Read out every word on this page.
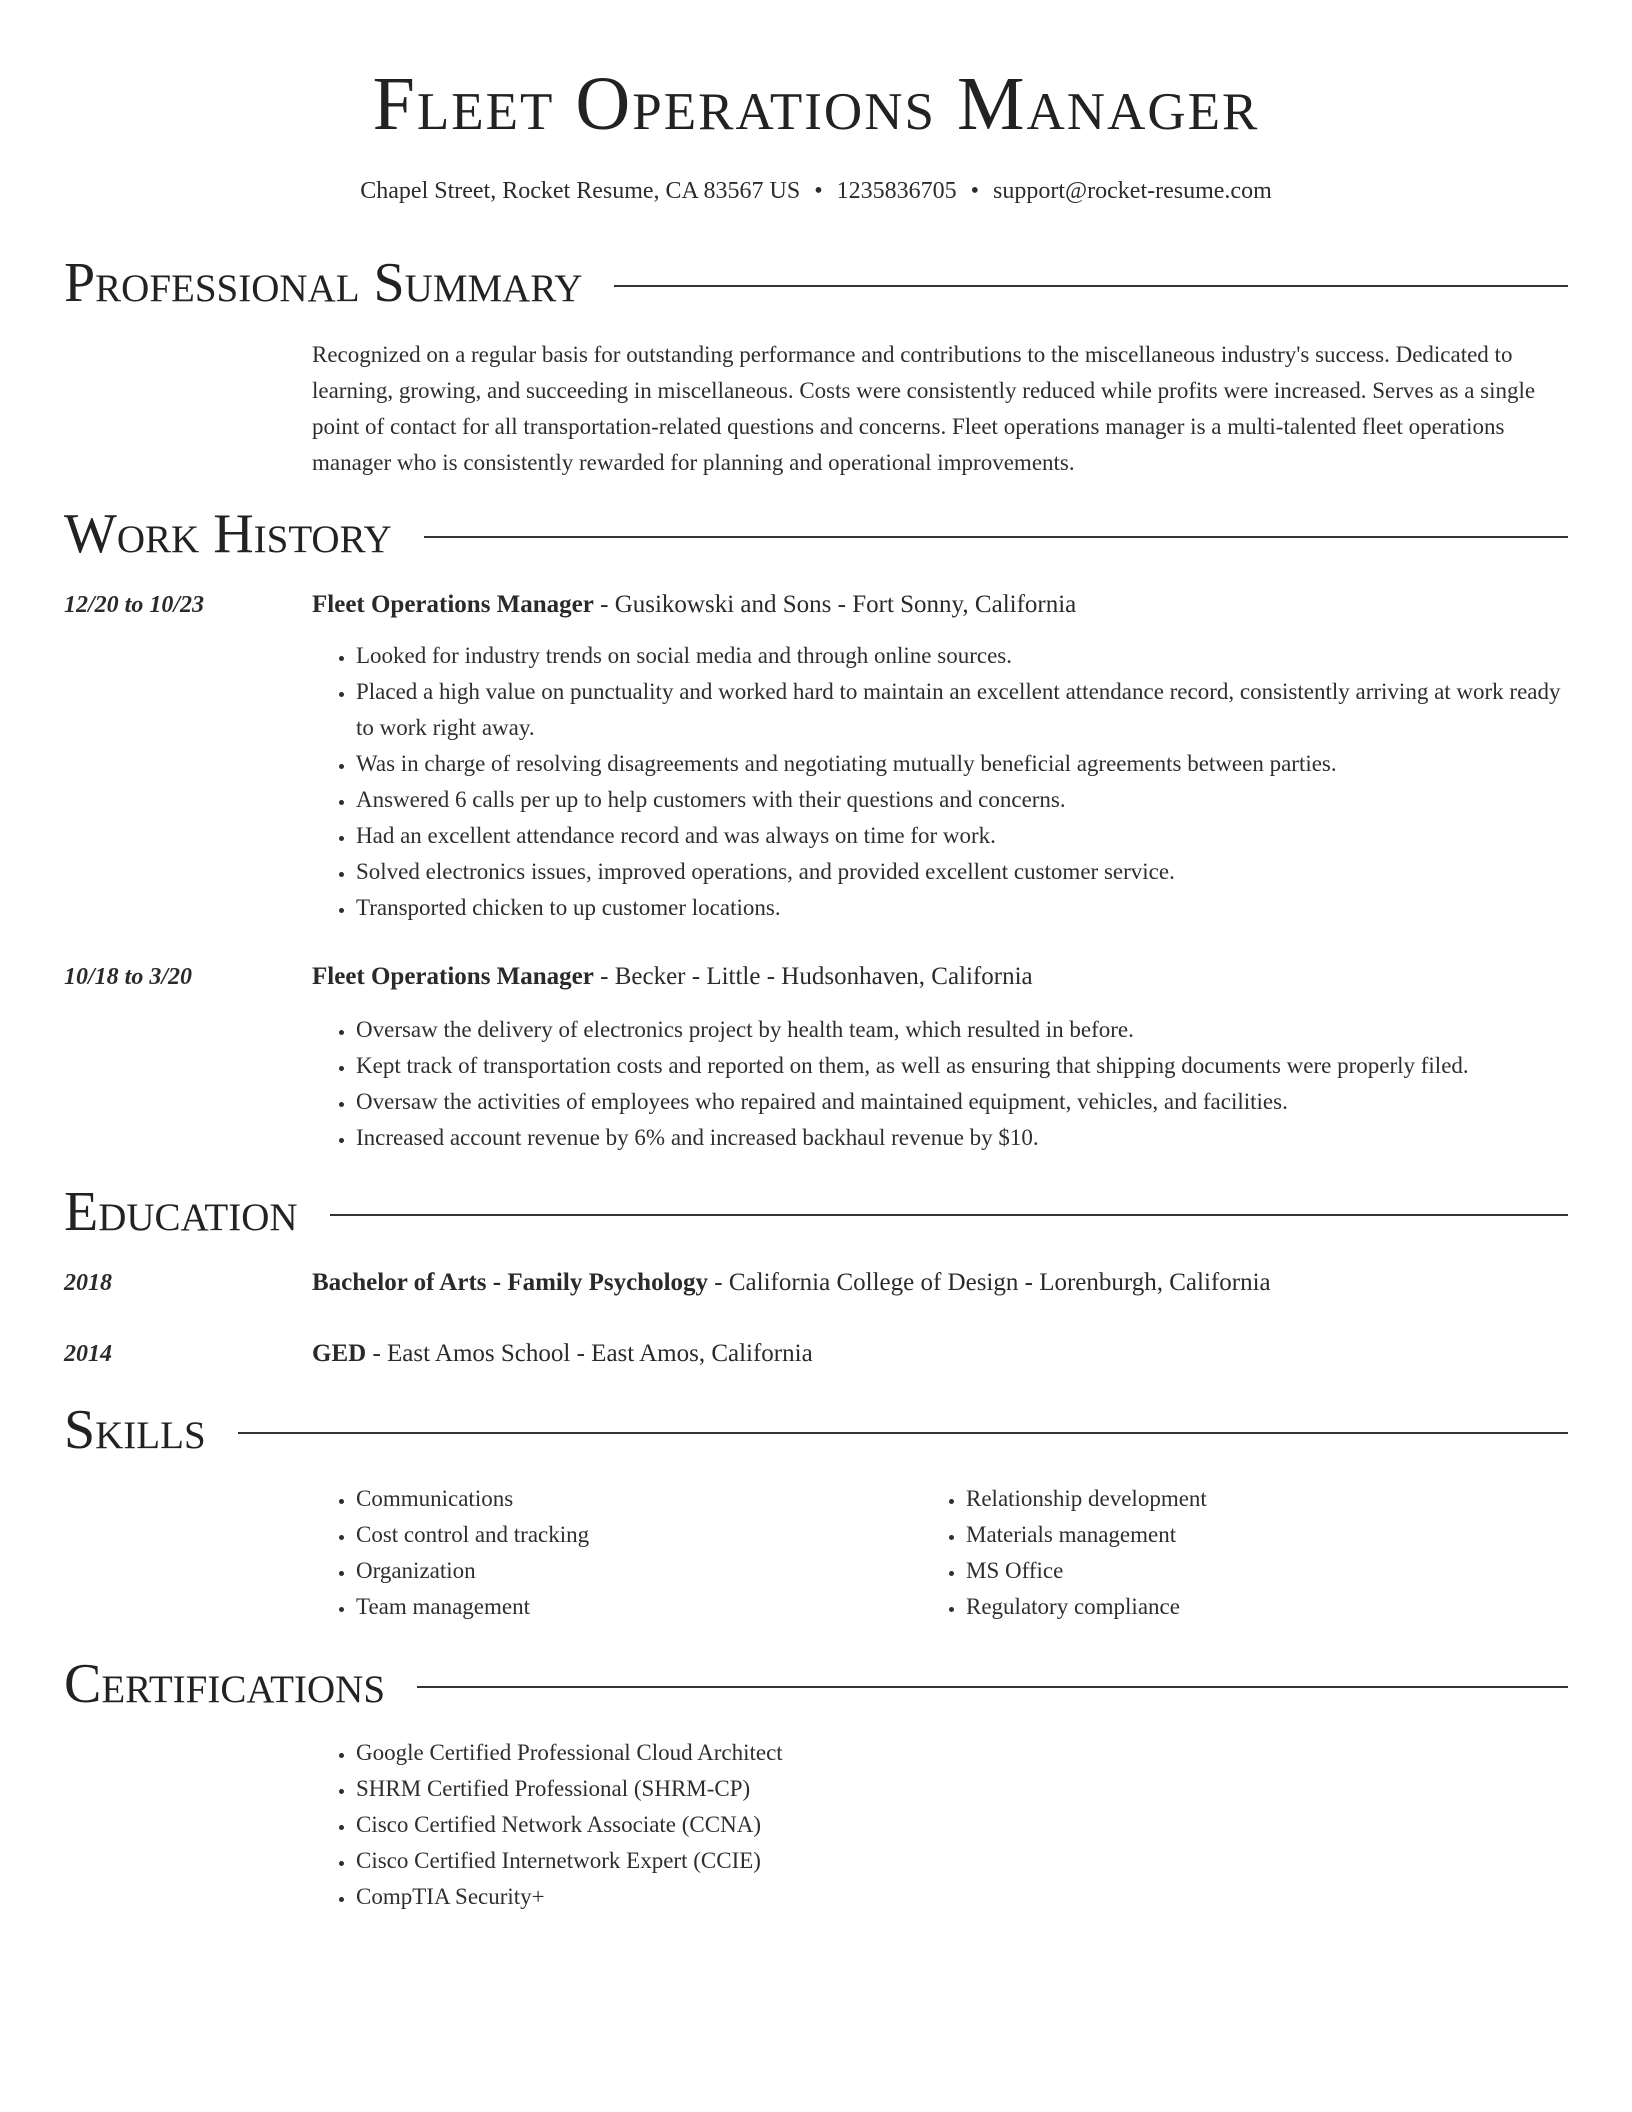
Fleet Operations Manager
Chapel Street, Rocket Resume, CA 83567 US • 1235836705 • support@rocket-resume.com
Professional Summary

Recognized on a regular basis for outstanding performance and contributions to the miscellaneous industry's success. Dedicated to learning, growing, and succeeding in miscellaneous. Costs were consistently reduced while profits were increased. Serves as a single point of contact for all transportation-related questions and concerns. Fleet operations manager is a multi-talented fleet operations manager who is consistently rewarded for planning and operational improvements.

Work History
12/20 to 10/23	Fleet Operations Manager - Gusikowski and Sons - Fort Sonny, California
• Looked for industry trends on social media and through online sources.
• Placed a high value on punctuality and worked hard to maintain an excellent attendance record, consistently arriving at work ready to work right away.
• Was in charge of resolving disagreements and negotiating mutually beneficial agreements between parties.
• Answered 6 calls per up to help customers with their questions and concerns.
• Had an excellent attendance record and was always on time for work.
• Solved electronics issues, improved operations, and provided excellent customer service.
• Transported chicken to up customer locations.
10/18 to 3/20	Fleet Operations Manager - Becker - Little - Hudsonhaven, California
• Oversaw the delivery of electronics project by health team, which resulted in before.
• Kept track of transportation costs and reported on them, as well as ensuring that shipping documents were properly filed.
• Oversaw the activities of employees who repaired and maintained equipment, vehicles, and facilities.
• Increased account revenue by 6% and increased backhaul revenue by $10.
Education
2018	Bachelor of Arts - Family Psychology - California College of Design - Lorenburgh, California
2014	GED - East Amos School - East Amos, California
Skills
• Communications
• Cost control and tracking
• Organization
• Team management
• Relationship development
• Materials management
• MS Office
• Regulatory compliance
Certifications
• Google Certified Professional Cloud Architect
• SHRM Certified Professional (SHRM-CP)
• Cisco Certified Network Associate (CCNA)
• Cisco Certified Internetwork Expert (CCIE)
• CompTIA Security+
